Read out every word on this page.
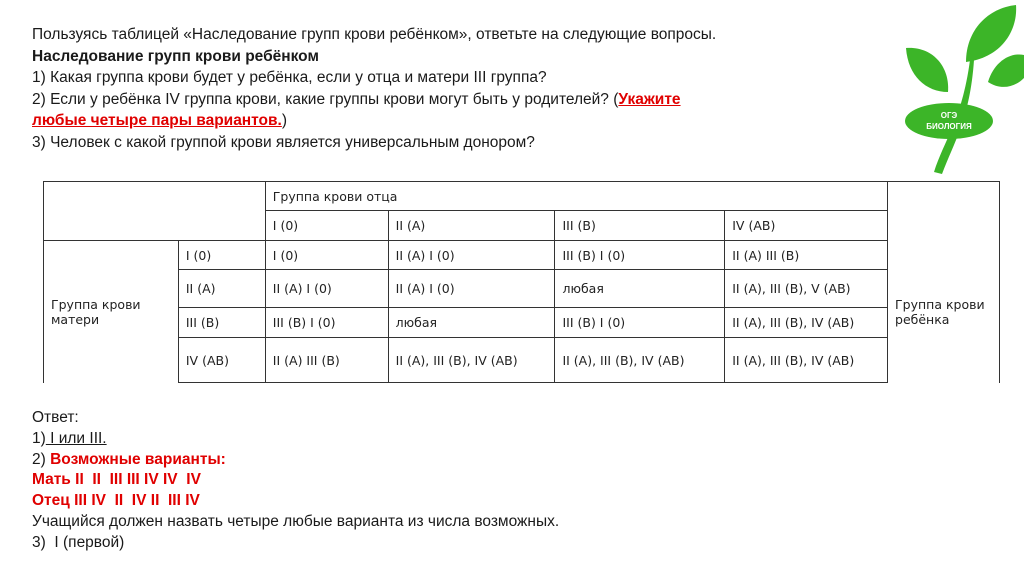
Пользуясь таблицей «Наследование групп крови ребёнком», ответьте на следующие вопросы.
Наследование групп крови ребёнком
1) Какая группа крови будет у ребёнка, если у отца и матери III группа?
2) Если у ребёнка IV группа крови, какие группы крови могут быть у родителей? (Укажите
любые четыре пары вариантов.)
3) Человек с какой группой крови является универсальным донором?
		Группа крови отца				
		I (0)	II (A)	III (B)	IV (AB)	
Группа крови матери	I (0)	I (0)	II (A) I (0)	III (B) I (0)	II (A) III (B)	Группа крови ребёнка
	II (A)	II (A) I (0)	II (A) I (0)	любая	II (A), III (B), V (AB)	
	III (B)	III (B) I (0)	любая	III (B) I (0)	II (A), III (B), IV (AB)	
	IV (AB)	II (A) III (B)	II (A), III (B), IV (AB)	II (A), III (B), IV (AB)	II (A), III (B), IV (AB)	
Ответ:
1) I или III.
2) Возможные варианты:
Мать II  II  III III IV IV  IV
Отец III IV  II  IV II  III IV
Учащийся должен назвать четыре любые варианта из числа возможных.
3)  I (первой)
ОГЭ
БИОЛОГИЯ
